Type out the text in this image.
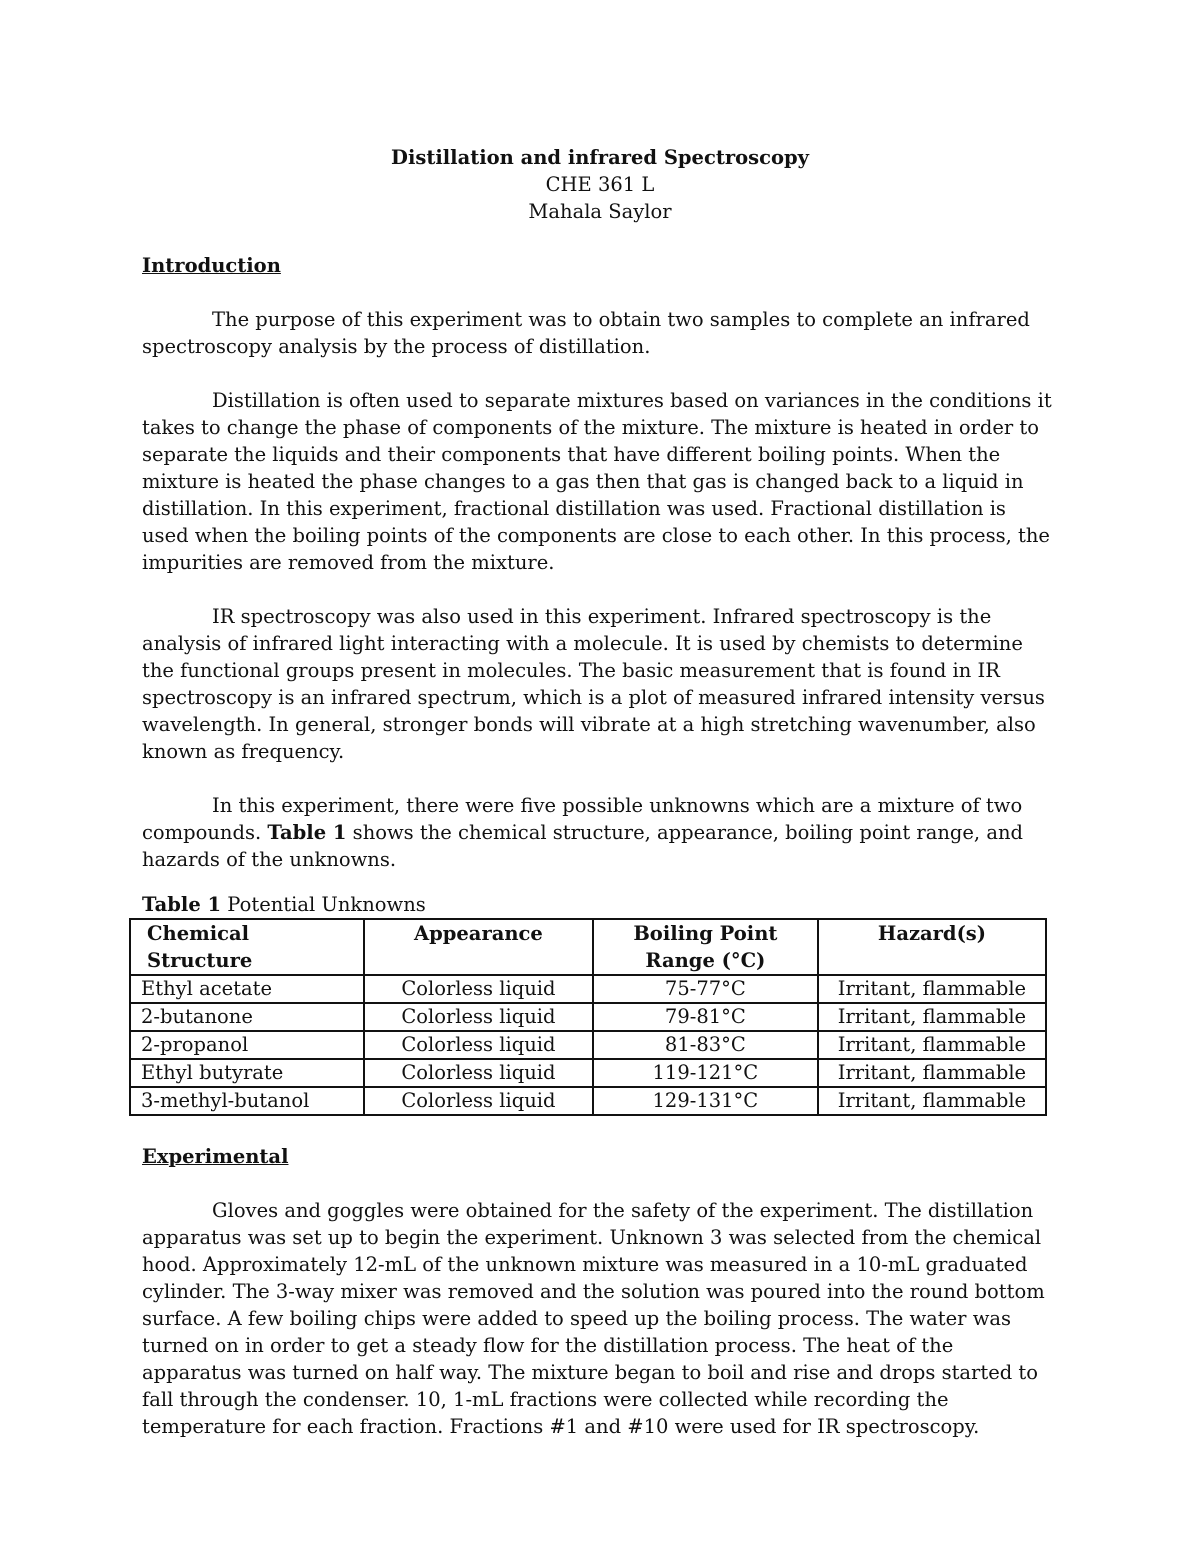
Distillation and infrared Spectroscopy
CHE 361 L
Mahala Saylor
Introduction

The purpose of this experiment was to obtain two samples to complete an infrared spectroscopy analysis by the process of distillation.

Distillation is often used to separate mixtures based on variances in the conditions it takes to change the phase of components of the mixture. The mixture is heated in order to separate the liquids and their components that have different boiling points. When the mixture is heated the phase changes to a gas then that gas is changed back to a liquid in distillation. In this experiment, fractional distillation was used. Fractional distillation is used when the boiling points of the components are close to each other. In this process, the impurities are removed from the mixture.

IR spectroscopy was also used in this experiment. Infrared spectroscopy is the analysis of infrared light interacting with a molecule. It is used by chemists to determine the functional groups present in molecules. The basic measurement that is found in IR spectroscopy is an infrared spectrum, which is a plot of measured infrared intensity versus wavelength. In general, stronger bonds will vibrate at a high stretching wavenumber, also known as frequency.

In this experiment, there were five possible unknowns which are a mixture of two compounds. Table 1 shows the chemical structure, appearance, boiling point range, and hazards of the unknowns.

Table 1 Potential Unknowns
Chemical Structure	Appearance	Boiling Point Range (°C)	Hazard(s)
Ethyl acetate	Colorless liquid	75-77°C	Irritant, flammable
2-butanone	Colorless liquid	79-81°C	Irritant, flammable
2-propanol	Colorless liquid	81-83°C	Irritant, flammable
Ethyl butyrate	Colorless liquid	119-121°C	Irritant, flammable
3-methyl-butanol	Colorless liquid	129-131°C	Irritant, flammable
Experimental

Gloves and goggles were obtained for the safety of the experiment. The distillation apparatus was set up to begin the experiment. Unknown 3 was selected from the chemical hood. Approximately 12-mL of the unknown mixture was measured in a 10-mL graduated cylinder. The 3-way mixer was removed and the solution was poured into the round bottom surface. A few boiling chips were added to speed up the boiling process. The water was turned on in order to get a steady flow for the distillation process. The heat of the apparatus was turned on half way. The mixture began to boil and rise and drops started to fall through the condenser. 10, 1-mL fractions were collected while recording the temperature for each fraction. Fractions #1 and #10 were used for IR spectroscopy.
